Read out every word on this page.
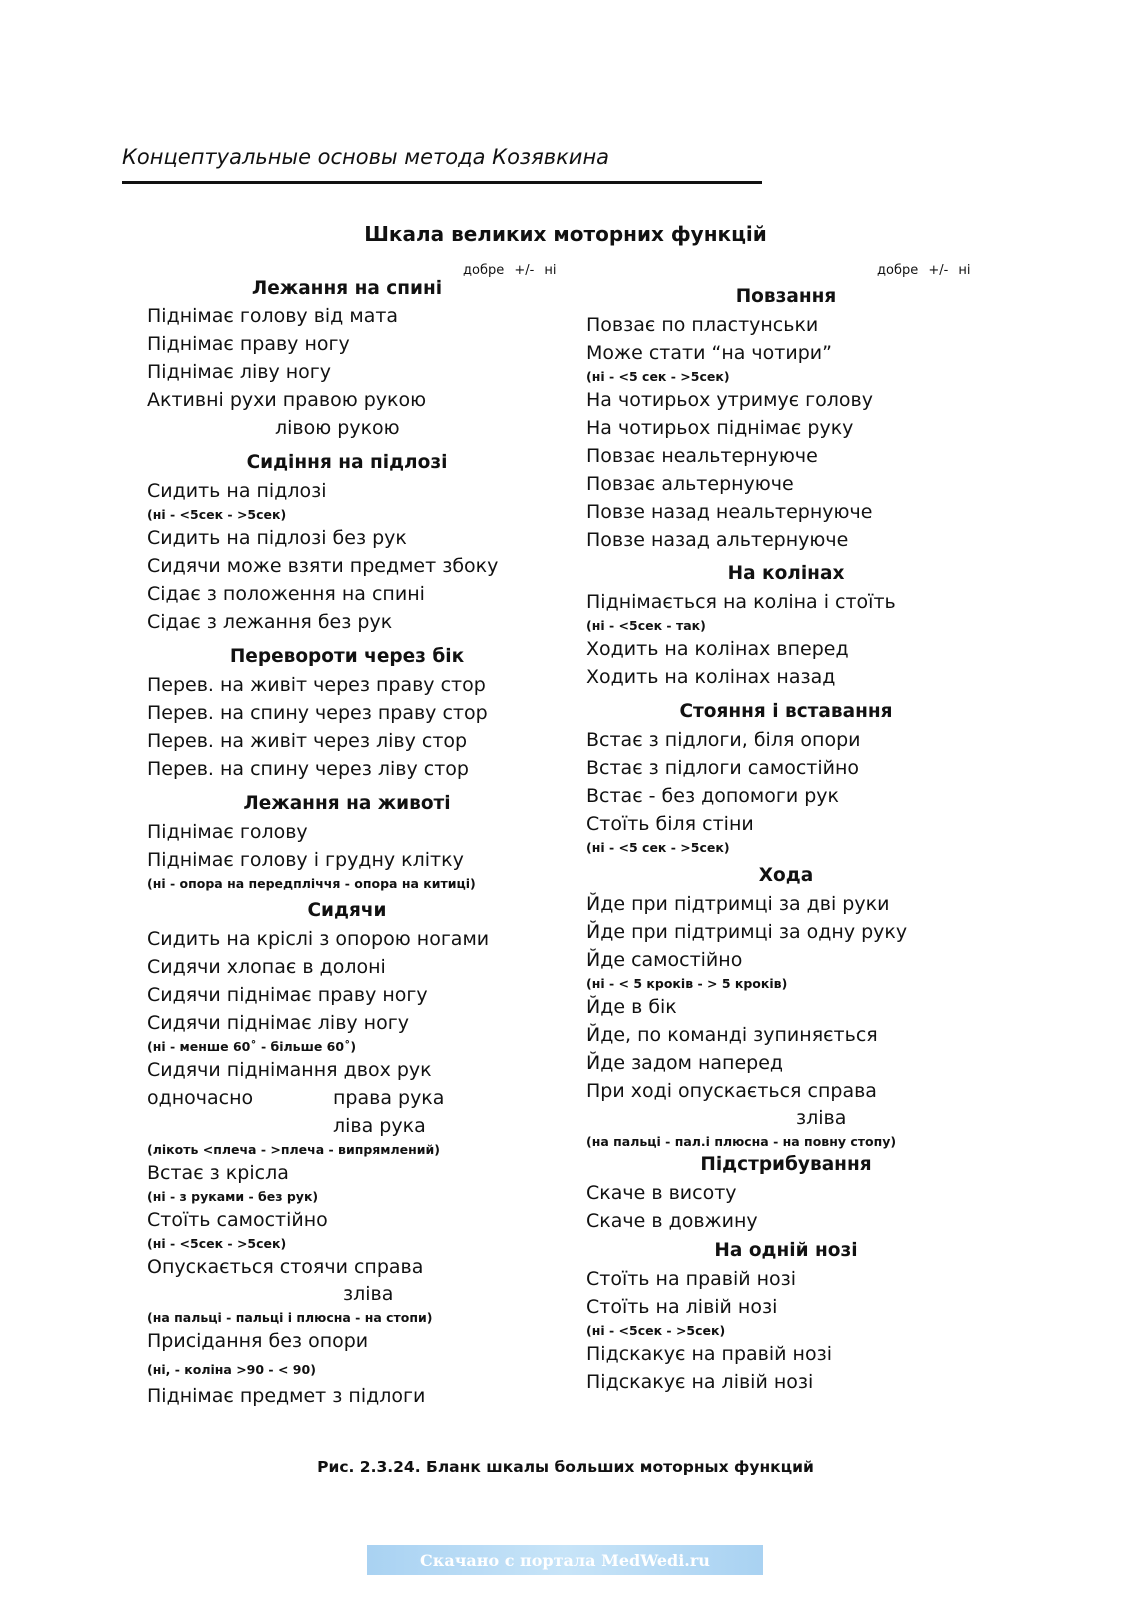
Концептуальные основы метода Козявкина
Шкала великих моторних функцій
добре +/- ні	добре +/- ні
Лежання на спині
Піднімає голову від мата
Піднімає праву ногу
Піднімає ліву ногу
Активні рухи правою рукою
лівою рукою
Сидіння на підлозі
Сидить на підлозі
(ні - <5сек - >5сек)
Сидить на підлозі без рук
Сидячи може взяти предмет збоку
Сідає з положення на спині
Сідає з лежання без рук
Перевороти через бік
Перев. на живіт через праву стор
Перев. на спину через праву стор
Перев. на живіт через ліву стор
Перев. на спину через ліву стор
Лежання на животі
Піднімає голову
Піднімає голову і грудну клітку
(ні - опора на передпліччя - опора на китиці)
Сидячи
Сидить на кріслі з опорою ногами
Сидячи хлопає в долоні
Сидячи піднімає праву ногу
Сидячи піднімає ліву ногу
(ні - менше 60˚ - більше 60˚)
Сидячи піднімання двох рук
одночасно	права рука
ліва рука
(лікоть <плеча - >плеча - випрямлений)
Встає з крісла
(ні - з руками - без рук)
Стоїть самостійно
(ні - <5сек - >5сек)
Опускається стоячи справа
зліва
(на пальці - пальці і плюсна - на стопи)
Присідання без опори
(ні, - коліна >90 - < 90)
Піднімає предмет з підлоги
Повзання
Повзає по пластунськи
Може стати “на чотири”
(ні - <5 сек - >5сек)
На чотирьох утримує голову
На чотирьох піднімає руку
Повзає неальтернуюче
Повзає альтернуюче
Повзе назад неальтернуюче
Повзе назад альтернуюче
На колінах
Піднімається на коліна і стоїть
(ні - <5сек - так)
Ходить на колінах вперед
Ходить на колінах назад
Стояння і вставання
Встає з підлоги, біля опори
Встає з підлоги самостійно
Встає - без допомоги рук
Стоїть біля стіни
(ні - <5 сек - >5сек)
Хода
Йде при підтримці за дві руки
Йде при підтримці за одну руку
Йде самостійно
(ні - < 5 кроків - > 5 кроків)
Йде в бік
Йде, по команді зупиняється
Йде задом наперед
При ході опускається справа
зліва
(на пальці - пал.і плюсна - на повну стопу)
Підстрибування
Скаче в висоту
Скаче в довжину
На одній нозі
Стоїть на правій нозі
Стоїть на лівій нозі
(ні - <5сек - >5сек)
Підскакує на правій нозі
Підскакує на лівій нозі
Рис. 2.3.24. Бланк шкалы больших моторных функций
Скачано с портала MedWedi.ru
